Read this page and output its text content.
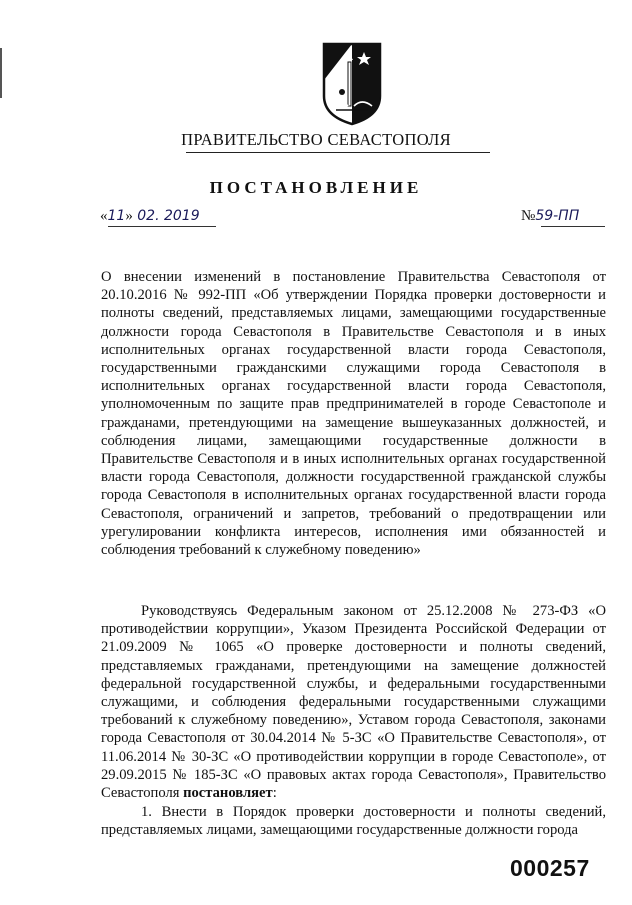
ПРАВИТЕЛЬСТВО СЕВАСТОПОЛЯ
ПОСТАНОВЛЕНИЕ
«11» 02. 2019	№59-ПП
О внесении изменений в постановление Правительства Севастополя от 20.10.2016 № 992-ПП «Об утверждении Порядка проверки достоверности и полноты сведений, представляемых лицами, замещающими государственные должности города Севастополя в Правительстве Севастополя и в иных исполнительных органах государственной власти города Севастополя, государственными гражданскими служащими города Севастополя в исполнительных органах государственной власти города Севастополя, уполномоченным по защите прав предпринимателей в городе Севастополе и гражданами, претендующими на замещение вышеуказанных должностей, и соблюдения лицами, замещающими государственные должности в Правительстве Севастополя и в иных исполнительных органах государственной власти города Севастополя, должности государственной гражданской службы города Севастополя в исполнительных органах государственной власти города Севастополя, ограничений и запретов, требований о предотвращении или урегулировании конфликта интересов, исполнения ими обязанностей и соблюдения требований к служебному поведению»
Руководствуясь Федеральным законом от 25.12.2008 № 273-ФЗ «О противодействии коррупции», Указом Президента Российской Федерации от 21.09.2009 № 1065 «О проверке достоверности и полноты сведений, представляемых гражданами, претендующими на замещение должностей федеральной государственной службы, и федеральными государственными служащими, и соблюдения федеральными государственными служащими требований к служебному поведению», Уставом города Севастополя, законами города Севастополя от 30.04.2014 № 5-ЗС «О Правительстве Севастополя», от 11.06.2014 № 30-ЗС «О противодействии коррупции в городе Севастополе», от 29.09.2015 № 185-ЗС «О правовых актах города Севастополя», Правительство Севастополя постановляет:
1. Внести в Порядок проверки достоверности и полноты сведений, представляемых лицами, замещающими государственные должности города
000257
